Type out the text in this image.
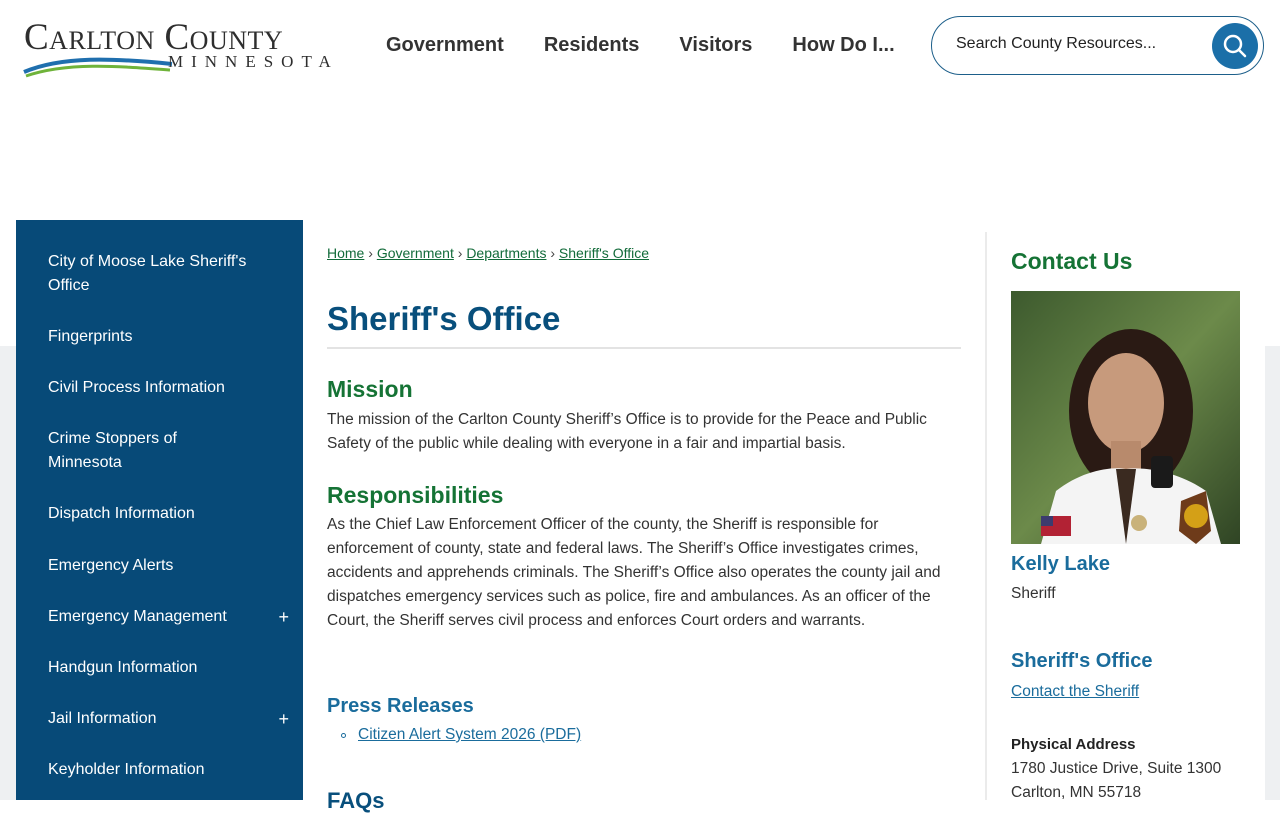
Carlton County
MINNESOTA
Government	Residents	Visitors	How Do I...
Search County Resources...
City of Moose Lake Sheriff's Office
Fingerprints
Civil Process Information
Crime Stoppers of Minnesota
Dispatch Information
Emergency Alerts
Emergency Management	+
Handgun Information
Jail Information	+
Keyholder Information
Home › Government › Departments › Sheriff's Office
Sheriff's Office
Mission

The mission of the Carlton County Sheriff’s Office is to provide for the Peace and Public Safety of the public while dealing with everyone in a fair and impartial basis.

Responsibilities

As the Chief Law Enforcement Officer of the county, the Sheriff is responsible for enforcement of county, state and federal laws. The Sheriff’s Office investigates crimes, accidents and apprehends criminals. The Sheriff’s Office also operates the county jail and dispatches emergency services such as police, fire and ambulances. As an officer of the Court, the Sheriff serves civil process and enforces Court orders and warrants.

Press Releases
Citizen Alert System 2026 (PDF)
FAQs
Contact Us
Kelly Lake
Sheriff
Sheriff's Office
Contact the Sheriff
Physical Address
1780 Justice Drive, Suite 1300
Carlton, MN 55718
